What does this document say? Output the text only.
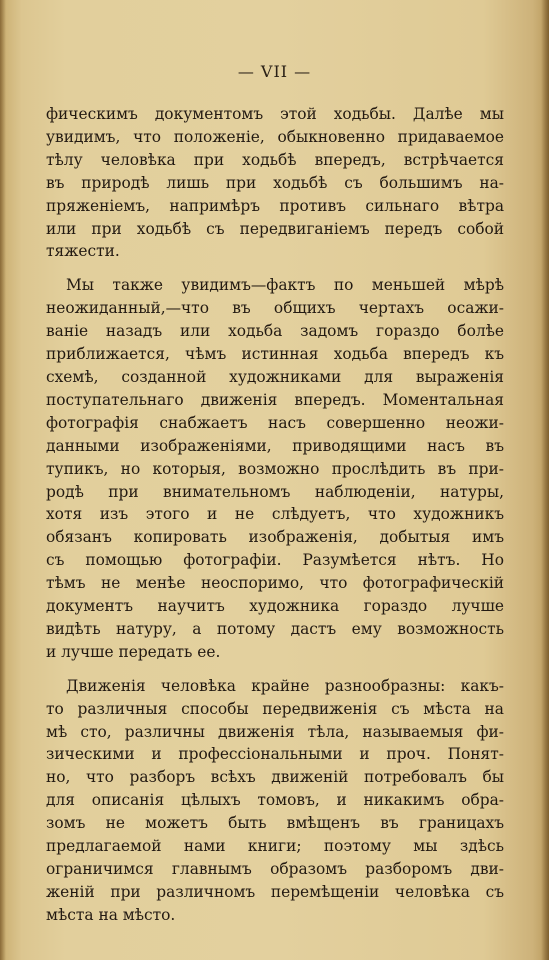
— VII —

фическимъ документомъ этой ходьбы. Далѣе мы
увидимъ, что положеніе, обыкновенно придаваемое
тѣлу человѣка при ходьбѣ впередъ, встрѣчается
въ природѣ лишь при ходьбѣ съ большимъ на-
пряженіемъ, напримѣръ противъ сильнаго вѣтра
или при ходьбѣ съ передвиганіемъ передъ собой
тяжести.

Мы также увидимъ—фактъ по меньшей мѣрѣ
неожиданный,—что въ общихъ чертахъ осажи-
ваніе назадъ или ходьба задомъ гораздо болѣе
приближается, чѣмъ истинная ходьба впередъ къ
схемѣ, созданной художниками для выраженія
поступательнаго движенія впередъ. Моментальная
фотографія снабжаетъ насъ совершенно неожи-
данными изображеніями, приводящими насъ въ
тупикъ, но которыя, возможно прослѣдить въ при-
родѣ при внимательномъ наблюденіи, натуры,
хотя изъ этого и не слѣдуетъ, что художникъ
обязанъ копировать изображенія, добытыя имъ
съ помощью фотографіи. Разумѣется нѣтъ. Но
тѣмъ не менѣе неоспоримо, что фотографическій
документъ научитъ художника гораздо лучше
видѣть натуру, а потому дастъ ему возможность
и лучше передать ее.

Движенія человѣка крайне разнообразны: какъ-
то различныя способы передвиженія съ мѣста на
мѣ сто, различны движенія тѣла, называемыя фи-
зическими и профессіональными и проч. Понят-
но, что разборъ всѣхъ движеній потребовалъ бы
для описанія цѣлыхъ томовъ, и никакимъ обра-
зомъ не можетъ быть вмѣщенъ въ границахъ
предлагаемой нами книги; поэтому мы здѣсь
ограничимся главнымъ образомъ разборомъ дви-
женій при различномъ перемѣщеніи человѣка съ
мѣста на мѣсто.
